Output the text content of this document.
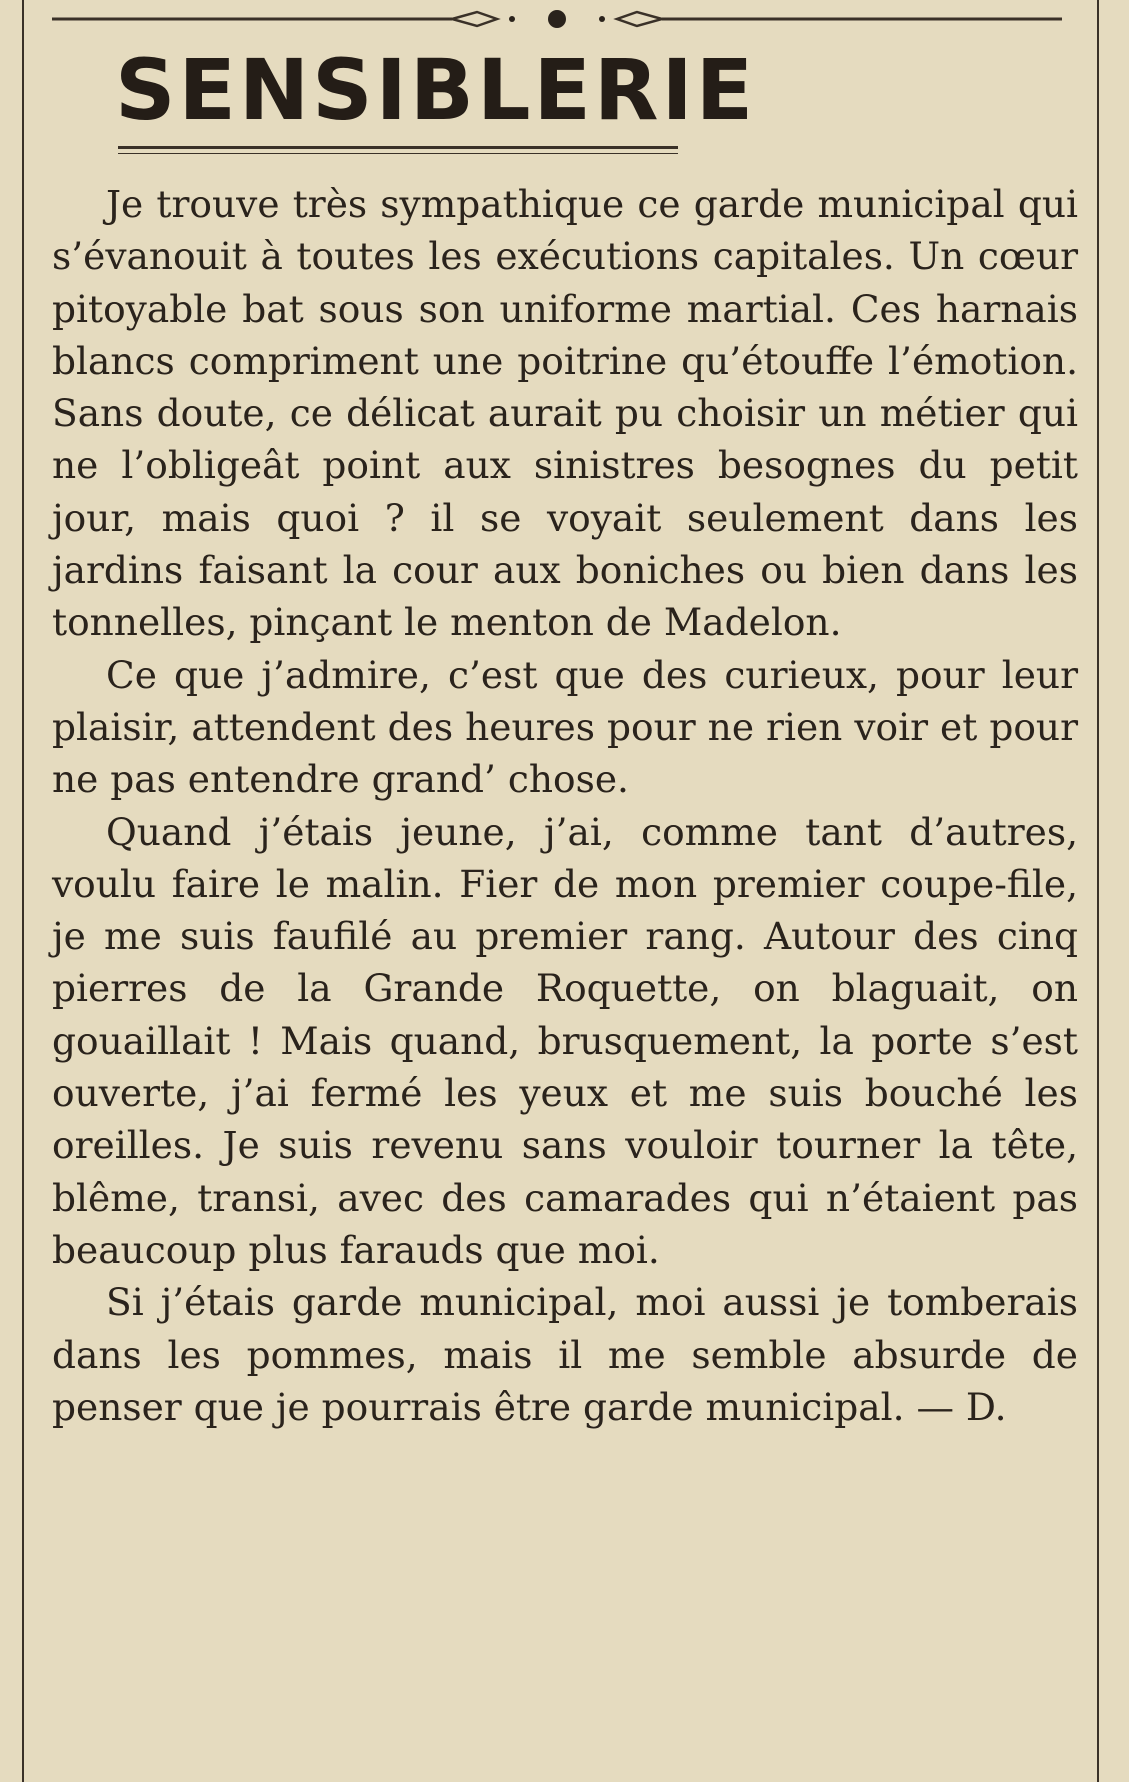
SENSIBLERIE

Je trouve très sympathique ce garde municipal qui s’évanouit à toutes les exécutions capitales. Un cœur pitoyable bat sous son uniforme martial. Ces harnais blancs compriment une poitrine qu’étouffe l’émotion. Sans doute, ce délicat aurait pu choisir un métier qui ne l’obligeât point aux sinistres besognes du petit jour, mais quoi ? il se voyait seulement dans les jardins faisant la cour aux boniches ou bien dans les tonnelles, pinçant le menton de Madelon.

Ce que j’admire, c’est que des curieux, pour leur plaisir, attendent des heures pour ne rien voir et pour ne pas entendre grand’ chose.

Quand j’étais jeune, j’ai, comme tant d’autres, voulu faire le malin. Fier de mon premier coupe-file, je me suis faufilé au premier rang. Autour des cinq pierres de la Grande Roquette, on blaguait, on gouaillait ! Mais quand, brusquement, la porte s’est ouverte, j’ai fermé les yeux et me suis bouché les oreilles. Je suis revenu sans vouloir tourner la tête, blême, transi, avec des camarades qui n’étaient pas beaucoup plus farauds que moi.

Si j’étais garde municipal, moi aussi je tomberais dans les pommes, mais il me semble absurde de penser que je pourrais être garde municipal. — D.
